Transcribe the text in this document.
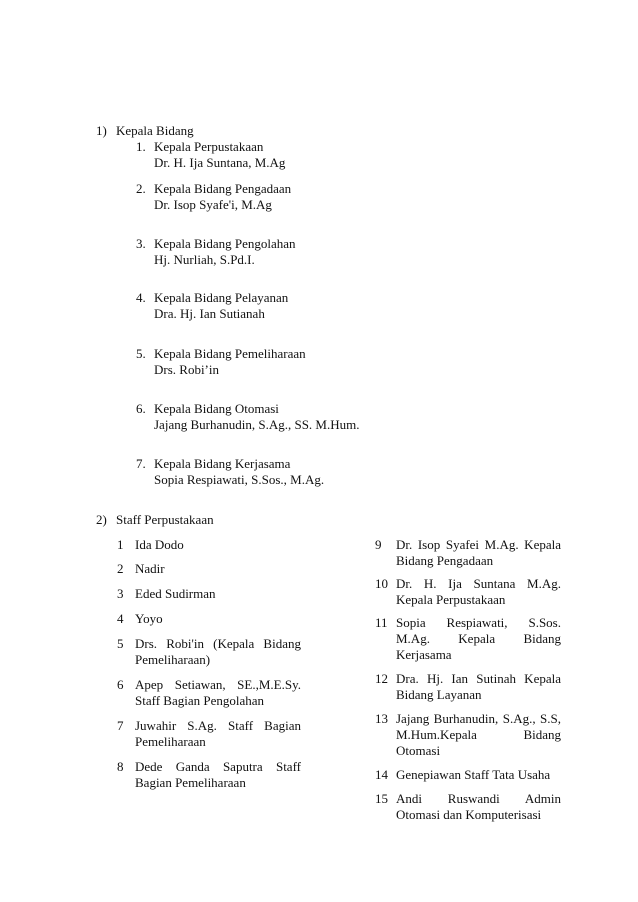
1) Kepala Bidang
1. Kepala Perpustakaan
Dr. H. Ija Suntana, M.Ag
2. Kepala Bidang Pengadaan
Dr. Isop Syafe'i, M.Ag
3. Kepala Bidang Pengolahan
Hj. Nurliah, S.Pd.I.
4. Kepala Bidang Pelayanan
Dra. Hj. Ian Sutianah
5. Kepala Bidang Pemeliharaan
Drs. Robi’in
6. Kepala Bidang Otomasi
Jajang Burhanudin, S.Ag., SS. M.Hum.
7. Kepala Bidang Kerjasama
Sopia Respiawati, S.Sos., M.Ag.
2) Staff Perpustakaan
1 Ida Dodo
2 Nadir
3 Eded Sudirman
4 Yoyo
5 Drs. Robi'in (Kepala Bidang Pemeliharaan)
6 Apep Setiawan, SE.,M.E.Sy. Staff Bagian Pengolahan
7 Juwahir S.Ag. Staff Bagian Pemeliharaan
8 Dede Ganda Saputra Staff Bagian Pemeliharaan
9 Dr. Isop Syafei M.Ag. Kepala Bidang Pengadaan
10 Dr. H. Ija Suntana M.Ag. Kepala Perpustakaan
11 Sopia Respiawati, S.Sos. M.Ag. Kepala Bidang Kerjasama
12 Dra. Hj. Ian Sutinah Kepala Bidang Layanan
13 Jajang Burhanudin, S.Ag., S.S, M.Hum.Kepala Bidang Otomasi
14 Genepiawan Staff Tata Usaha
15 Andi Ruswandi Admin Otomasi dan Komputerisasi
